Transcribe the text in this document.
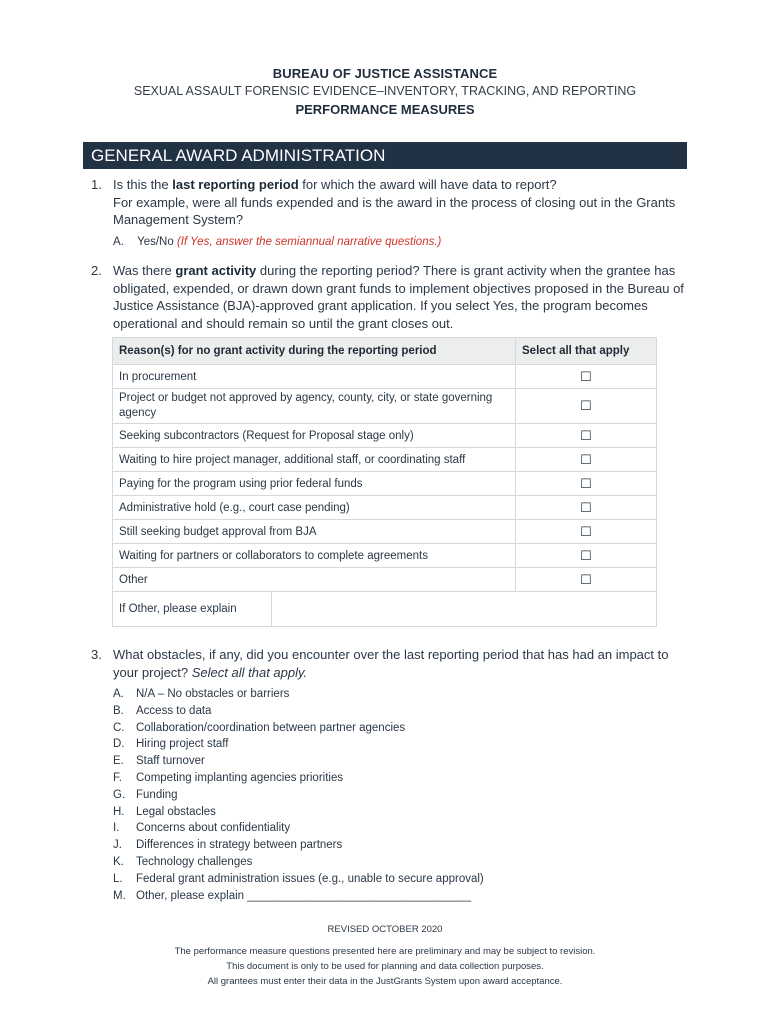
BUREAU OF JUSTICE ASSISTANCE
SEXUAL ASSAULT FORENSIC EVIDENCE–INVENTORY, TRACKING, AND REPORTING
PERFORMANCE MEASURES
GENERAL AWARD ADMINISTRATION
1. Is this the last reporting period for which the award will have data to report?
For example, were all funds expended and is the award in the process of closing out in the Grants Management System?
A. Yes/No (If Yes, answer the semiannual narrative questions.)
2. Was there grant activity during the reporting period? There is grant activity when the grantee has obligated, expended, or drawn down grant funds to implement objectives proposed in the Bureau of Justice Assistance (BJA)-approved grant application. If you select Yes, the program becomes operational and should remain so until the grant closes out.
Reason(s) for no grant activity during the reporting period		Select all that apply
In procurement		☐
Project or budget not approved by agency, county, city, or state governing agency		☐
Seeking subcontractors (Request for Proposal stage only)		☐
Waiting to hire project manager, additional staff, or coordinating staff		☐
Paying for the program using prior federal funds		☐
Administrative hold (e.g., court case pending)		☐
Still seeking budget approval from BJA		☐
Waiting for partners or collaborators to complete agreements		☐
Other		☐
If Other, please explain		
3. What obstacles, if any, did you encounter over the last reporting period that has had an impact to your project? Select all that apply.
A. N/A – No obstacles or barriers
B. Access to data
C. Collaboration/coordination between partner agencies
D. Hiring project staff
E. Staff turnover
F. Competing implanting agencies priorities
G. Funding
H. Legal obstacles
I. Concerns about confidentiality
J. Differences in strategy between partners
K. Technology challenges
L. Federal grant administration issues (e.g., unable to secure approval)
M. Other, please explain ___________________________________
REVISED OCTOBER 2020
The performance measure questions presented here are preliminary and may be subject to revision.
This document is only to be used for planning and data collection purposes.
All grantees must enter their data in the JustGrants System upon award acceptance.
